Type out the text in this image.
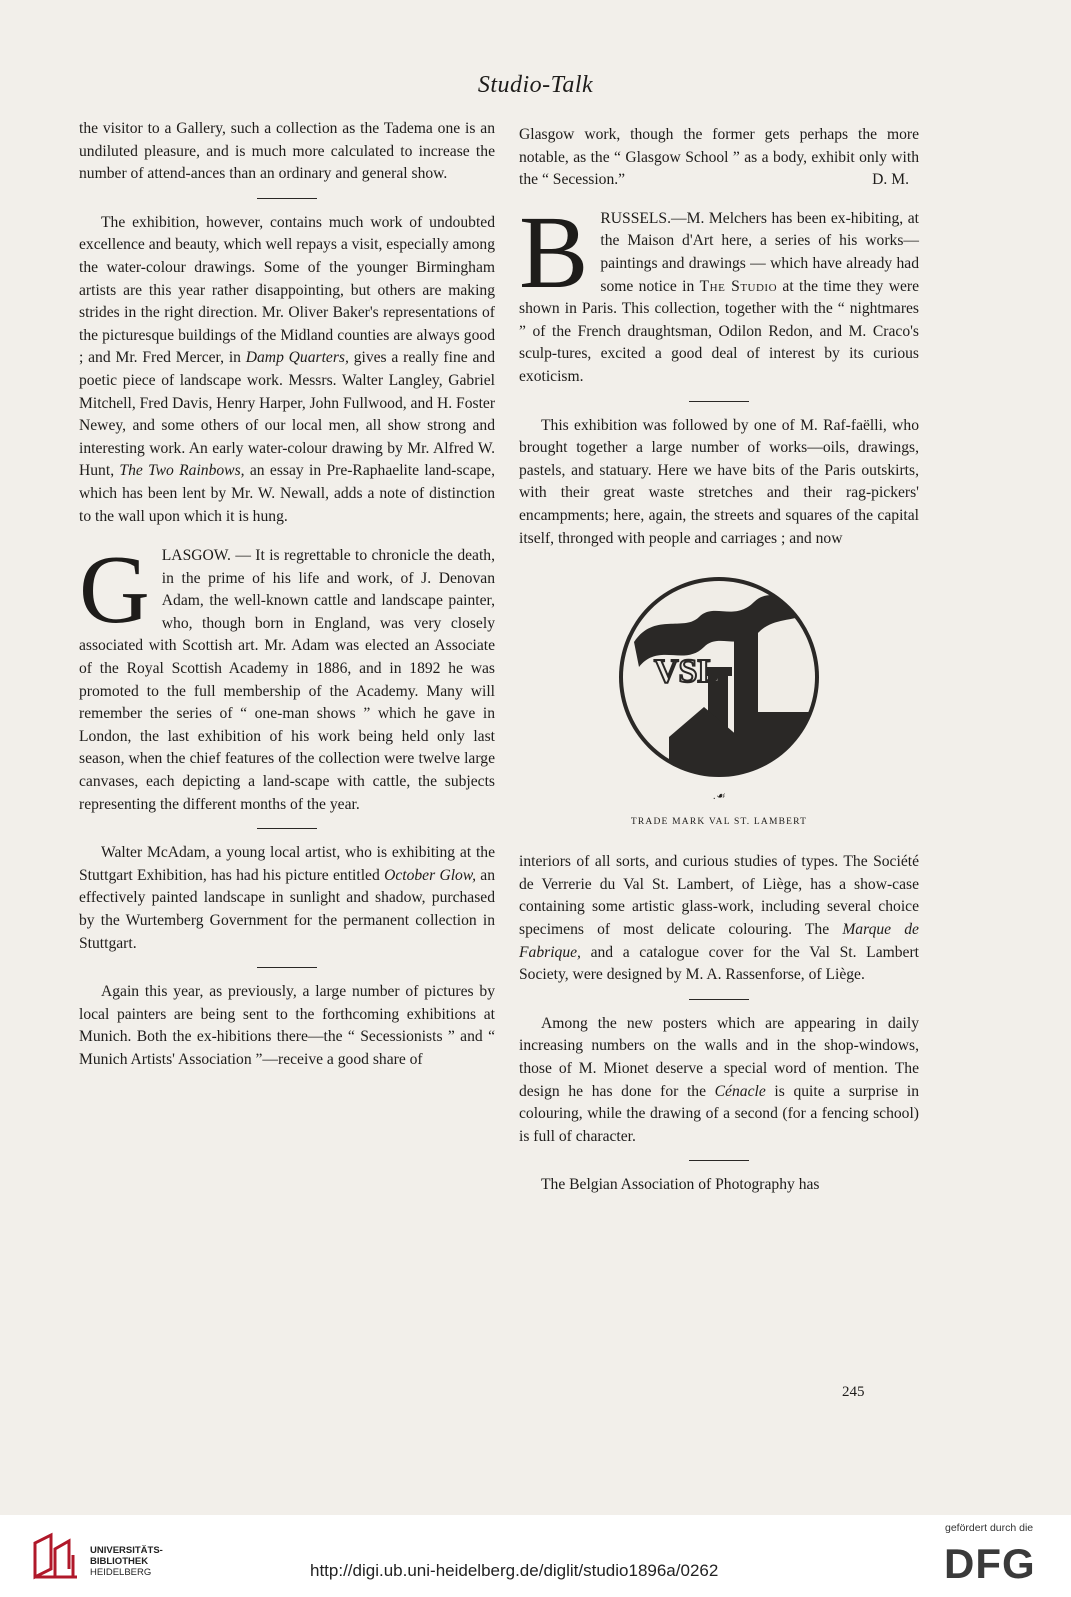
Studio-Talk

the visitor to a Gallery, such a collection as the Tadema one is an undiluted pleasure, and is much more calculated to increase the number of attend-ances than an ordinary and general show.

The exhibition, however, contains much work of undoubted excellence and beauty, which well repays a visit, especially among the water-colour drawings. Some of the younger Birmingham artists are this year rather disappointing, but others are making strides in the right direction. Mr. Oliver Baker's representations of the picturesque buildings of the Midland counties are always good ; and Mr. Fred Mercer, in Damp Quarters, gives a really fine and poetic piece of landscape work. Messrs. Walter Langley, Gabriel Mitchell, Fred Davis, Henry Harper, John Fullwood, and H. Foster Newey, and some others of our local men, all show strong and interesting work. An early water-colour drawing by Mr. Alfred W. Hunt, The Two Rainbows, an essay in Pre-Raphaelite land-scape, which has been lent by Mr. W. Newall, adds a note of distinction to the wall upon which it is hung.

GLASGOW. — It is regrettable to chronicle the death, in the prime of his life and work, of J. Denovan Adam, the well-known cattle and landscape painter, who, though born in England, was very closely associated with Scottish art. Mr. Adam was elected an Associate of the Royal Scottish Academy in 1886, and in 1892 he was promoted to the full membership of the Academy. Many will remember the series of “ one-man shows ” which he gave in London, the last exhibition of his work being held only last season, when the chief features of the collection were twelve large canvases, each depicting a land-scape with cattle, the subjects representing the different months of the year.

Walter McAdam, a young local artist, who is exhibiting at the Stuttgart Exhibition, has had his picture entitled October Glow, an effectively painted landscape in sunlight and shadow, purchased by the Wurtemberg Government for the permanent collection in Stuttgart.

Again this year, as previously, a large number of pictures by local painters are being sent to the forthcoming exhibitions at Munich. Both the ex-hibitions there—the “ Secessionists ” and “ Munich Artists' Association ”—receive a good share of

Glasgow work, though the former gets perhaps the more notable, as the “ Glasgow School ” as a body, exhibit only with the “ Secession.”	D. M.

BRUSSELS.—M. Melchers has been ex-hibiting, at the Maison d'Art here, a series of his works—paintings and drawings — which have already had some notice in The Studio at the time they were shown in Paris. This collection, together with the “ nightmares ” of the French draughtsman, Odilon Redon, and M. Craco's sculp-tures, excited a good deal of interest by its curious exoticism.

This exhibition was followed by one of M. Raf-faëlli, who brought together a large number of works—oils, drawings, pastels, and statuary. Here we have bits of the Paris outskirts, with their great waste stretches and their rag-pickers' encampments; here, again, the streets and squares of the capital itself, thronged with people and carriages ; and now

VSL
.☙
TRADE MARK VAL ST. LAMBERT

interiors of all sorts, and curious studies of types. The Société de Verrerie du Val St. Lambert, of Liège, has a show-case containing some artistic glass-work, including several choice specimens of most delicate colouring. The Marque de Fabrique, and a catalogue cover for the Val St. Lambert Society, were designed by M. A. Rassenforse, of Liège.

Among the new posters which are appearing in daily increasing numbers on the walls and in the shop-windows, those of M. Mionet deserve a special word of mention. The design he has done for the Cénacle is quite a surprise in colouring, while the drawing of a second (for a fencing school) is full of character.

The Belgian Association of Photography has

245
UNIVERSITÄTS-
BIBLIOTHEK
HEIDELBERG	http://digi.ub.uni-heidelberg.de/diglit/studio1896a/0262
gefördert durch die
DFG
